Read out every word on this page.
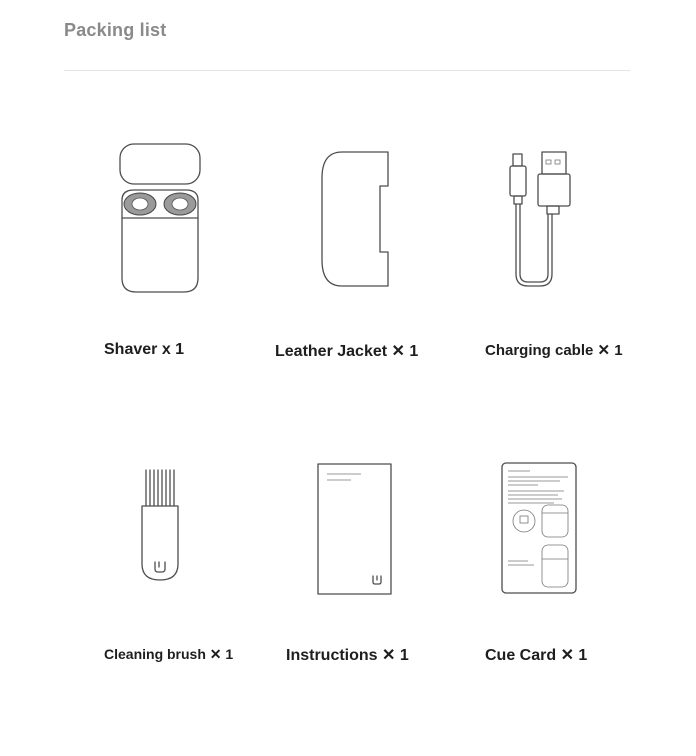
Packing list
Shaver x 1	Leather Jacket ✕ 1	Charging cable ✕ 1
Cleaning brush ✕ 1	Instructions ✕ 1	Cue Card ✕ 1
